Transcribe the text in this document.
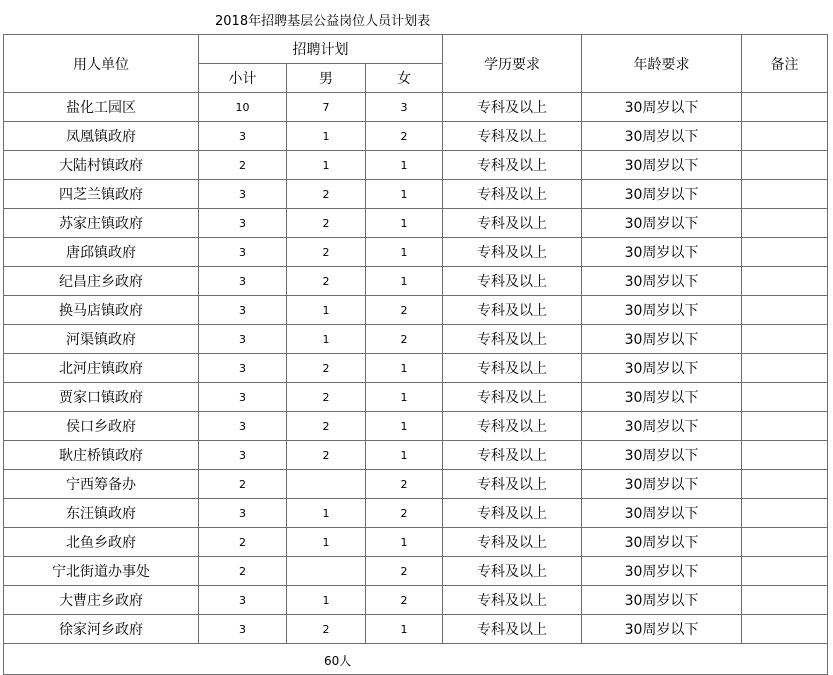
2018年招聘基层公益岗位人员计划表
用人单位	招聘计划			学历要求	年龄要求	备注
	小计	男	女			
盐化工园区	10	7	3	专科及以上	30周岁以下	
凤凰镇政府	3	1	2	专科及以上	30周岁以下	
大陆村镇政府	2	1	1	专科及以上	30周岁以下	
四芝兰镇政府	3	2	1	专科及以上	30周岁以下	
苏家庄镇政府	3	2	1	专科及以上	30周岁以下	
唐邱镇政府	3	2	1	专科及以上	30周岁以下	
纪昌庄乡政府	3	2	1	专科及以上	30周岁以下	
换马店镇政府	3	1	2	专科及以上	30周岁以下	
河渠镇政府	3	1	2	专科及以上	30周岁以下	
北河庄镇政府	3	2	1	专科及以上	30周岁以下	
贾家口镇政府	3	2	1	专科及以上	30周岁以下	
侯口乡政府	3	2	1	专科及以上	30周岁以下	
耿庄桥镇政府	3	2	1	专科及以上	30周岁以下	
宁西筹备办	2		2	专科及以上	30周岁以下	
东汪镇政府	3	1	2	专科及以上	30周岁以下	
北鱼乡政府	2	1	1	专科及以上	30周岁以下	
宁北街道办事处	2		2	专科及以上	30周岁以下	
大曹庄乡政府	3	1	2	专科及以上	30周岁以下	
徐家河乡政府	3	2	1	专科及以上	30周岁以下	

60人						
